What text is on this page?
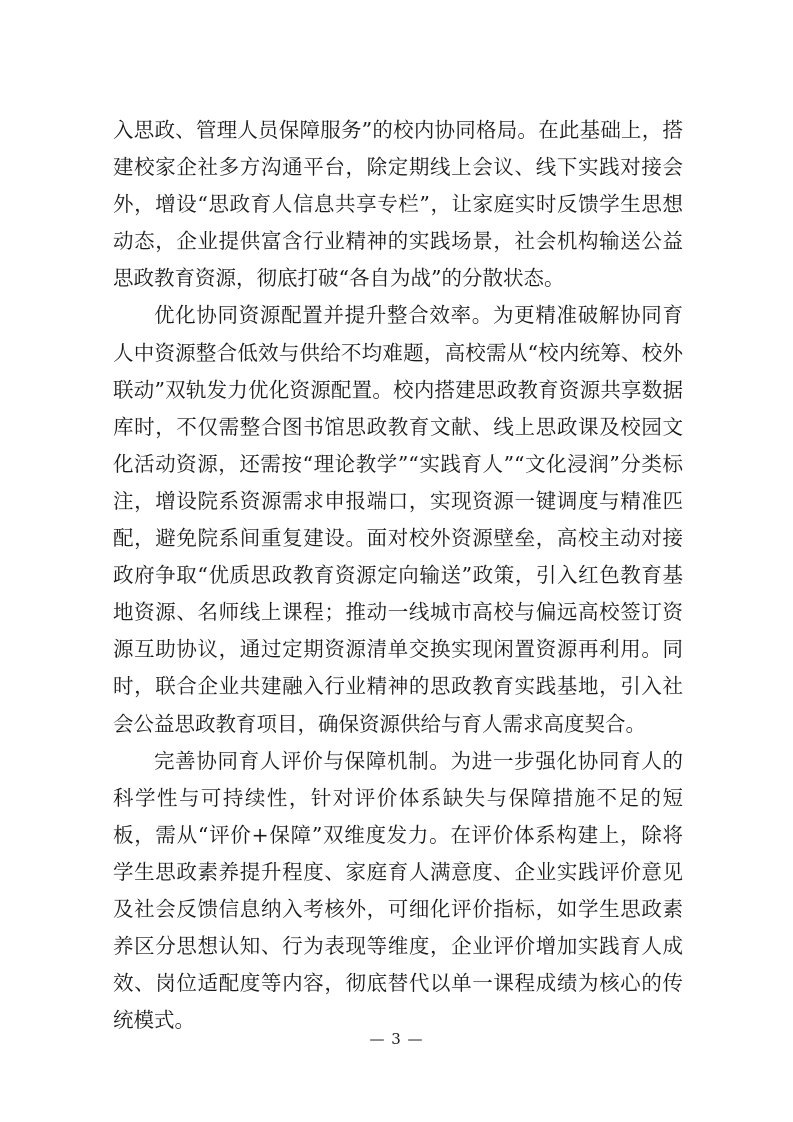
入思政、管理人员保障服务”的校内协同格局。在此基础上，搭建校家企社多方沟通平台，除定期线上会议、线下实践对接会外，增设“思政育人信息共享专栏”，让家庭实时反馈学生思想动态，企业提供富含行业精神的实践场景，社会机构输送公益思政教育资源，彻底打破“各自为战”的分散状态。

优化协同资源配置并提升整合效率。为更精准破解协同育人中资源整合低效与供给不均难题，高校需从“校内统筹、校外联动”双轨发力优化资源配置。校内搭建思政教育资源共享数据库时，不仅需整合图书馆思政教育文献、线上思政课及校园文化活动资源，还需按“理论教学”“实践育人”“文化浸润”分类标注，增设院系资源需求申报端口，实现资源一键调度与精准匹配，避免院系间重复建设。面对校外资源壁垒，高校主动对接政府争取“优质思政教育资源定向输送”政策，引入红色教育基地资源、名师线上课程；推动一线城市高校与偏远高校签订资源互助协议，通过定期资源清单交换实现闲置资源再利用。同时，联合企业共建融入行业精神的思政教育实践基地，引入社会公益思政教育项目，确保资源供给与育人需求高度契合。

完善协同育人评价与保障机制。为进一步强化协同育人的科学性与可持续性，针对评价体系缺失与保障措施不足的短板，需从“评价+保障”双维度发力。在评价体系构建上，除将学生思政素养提升程度、家庭育人满意度、企业实践评价意见及社会反馈信息纳入考核外，可细化评价指标，如学生思政素养区分思想认知、行为表现等维度，企业评价增加实践育人成效、岗位适配度等内容，彻底替代以单一课程成绩为核心的传统模式。

— 3 —
